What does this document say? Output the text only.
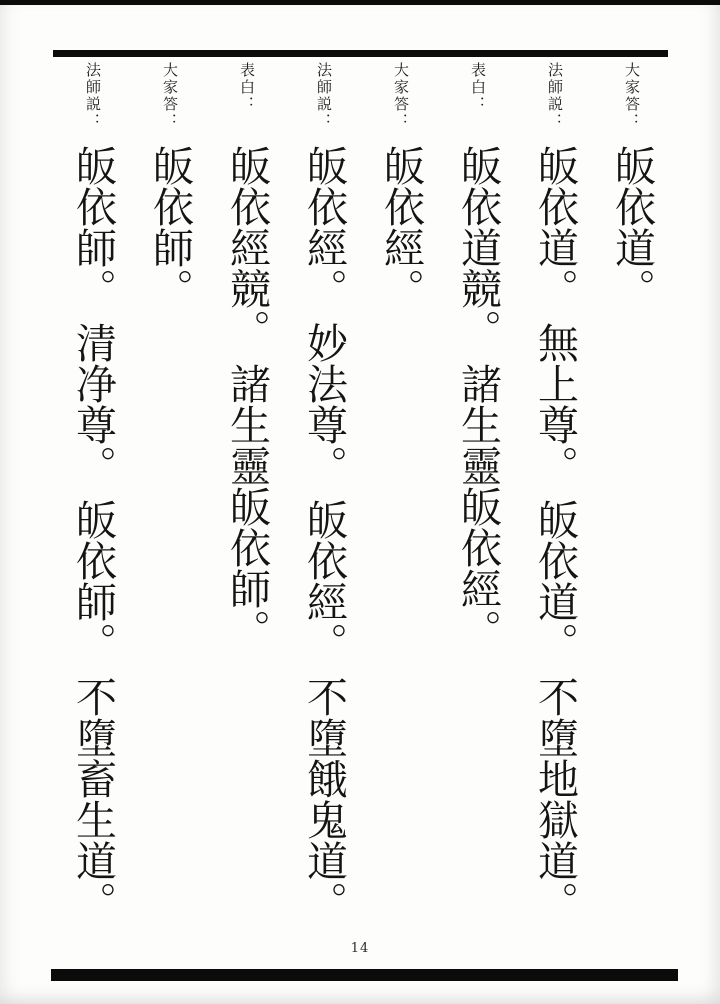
大家答：
皈依道。
法師説：
皈依道。無上尊。皈依道。不墮地獄道。
表白：
皈依道競。諸生靈皈依經。
大家答：
皈依經。
法師説：
皈依經。妙法尊。皈依經。不墮餓鬼道。
表白：
皈依經競。諸生靈皈依師。
大家答：
皈依師。
法師説：
皈依師。清净尊。皈依師。不墮畜生道。
14
